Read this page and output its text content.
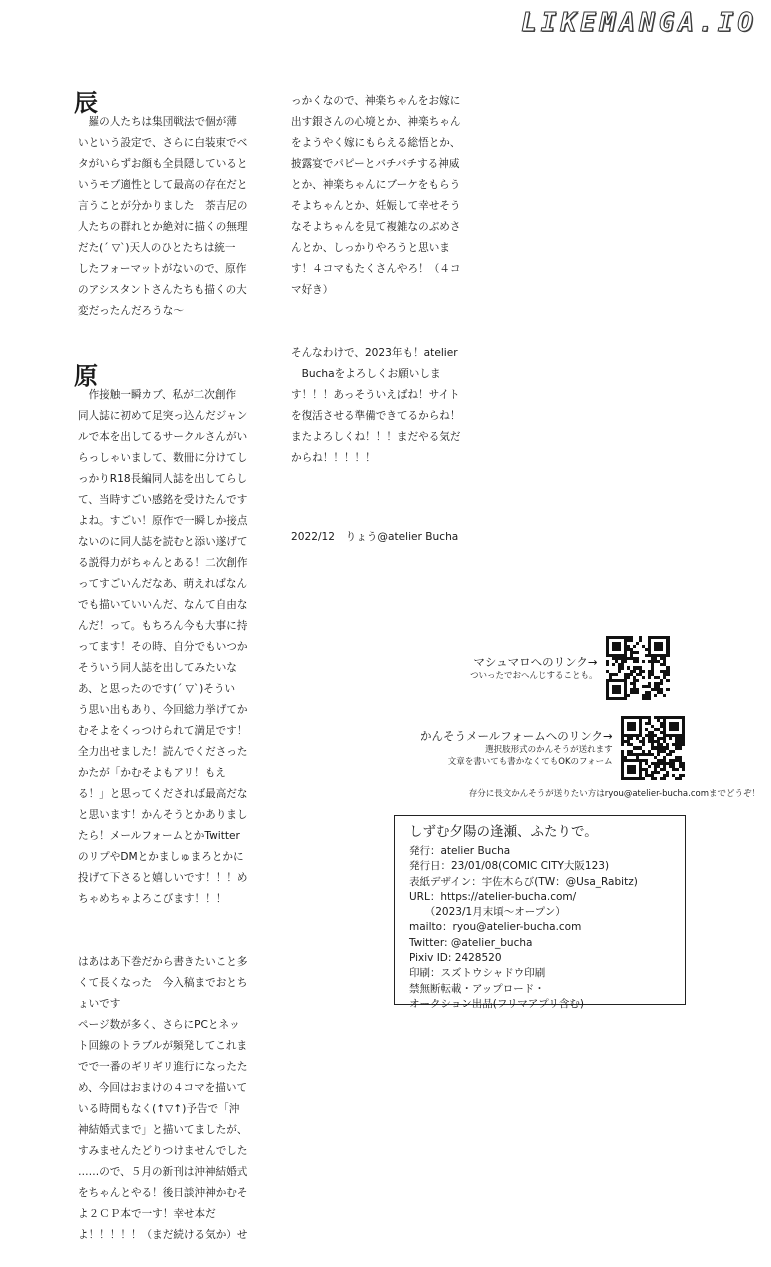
LIKEMANGA.IO

辰
　羅の人たちは集団戦法で個が薄
いという設定で、さらに白装束でベ
タがいらずお顔も全員隠していると
いうモブ適性として最高の存在だと
言うことが分かりました　荼吉尼の
人たちの群れとか絶対に描くの無理
だた(´ ▽`)天人のひとたちは統一
したフォーマットがないので、原作
のアシスタントさんたちも描くの大
変だったんだろうな〜

原
　作接触一瞬カブ、私が二次創作
同人誌に初めて足突っ込んだジャン
ルで本を出してるサークルさんがい
らっしゃいまして、数冊に分けてし
っかりR18長編同人誌を出してらし
て、当時すごい感銘を受けたんです
よね。すごい！原作で一瞬しか接点
ないのに同人誌を読むと添い遂げて
る説得力がちゃんとある！二次創作
ってすごいんだなあ、萌えればなん
でも描いていいんだ、なんて自由な
んだ！って。もちろん今も大事に持
ってます！その時、自分でもいつか
そういう同人誌を出してみたいな
あ、と思ったのです(´ ▽`)そうい
う思い出もあり、今回総力挙げてか
むそよをくっつけられて満足です！
全力出せました！読んでくださった
かたが「かむそよもアリ！もえ
る！」と思ってくだされば最高だな
と思います！かんそうとかありまし
たら！メールフォームとかTwitter
のリプやDMとかましゅまろとかに
投げて下さると嬉しいです！！！め
ちゃめちゃよろこびます！！！

はあはあ下巻だから書きたいこと多
くて長くなった　今入稿までおとち
ょいです
ページ数が多く、さらにPCとネッ
ト回線のトラブルが頻発してこれま
でで一番のギリギリ進行になったた
め、今回はおまけの４コマを描いて
いる時間もなく(↑▽↑)予告で「沖
神結婚式まで」と描いてましたが、
すみませんたどりつけませんでした
……ので、５月の新刊は沖神結婚式
をちゃんとやる！後日談沖神かむそ
よ２ＣＰ本で一す！幸せ本だ
よ！！！！！（まだ続ける気か）せ

っかくなので、神楽ちゃんをお嫁に
出す銀さんの心境とか、神楽ちゃん
をようやく嫁にもらえる総悟とか、
披露宴でパピーとバチバチする神威
とか、神楽ちゃんにブーケをもらう
そよちゃんとか、妊娠して幸せそう
なそよちゃんを見て複雑なのぶめさ
んとか、しっかりやろうと思いま
す！４コマもたくさんやろ！（４コ
マ好き）

そんなわけで、2023年も！atelier
　Buchaをよろしくお願いしま
す！！！あっそういえばね！サイト
を復活させる準備できてるからね！
またよろしくね！！！まだやる気だ
からね！！！！！

2022/12　りょう@atelier Bucha

マシュマロへのリンク→
ついったでおへんじすることも。
かんそうメールフォームへのリンク→
選択肢形式のかんそうが送れます
文章を書いても書かなくてもOKのフォーム
存分に長文かんそうが送りたい方はryou@atelier-bucha.comまでどうぞ！
しずむ夕陽の逢瀬、ふたりで。
発行：atelier Bucha
発行日：23/01/08(COMIC CITY大阪123)
表紙デザイン：宇佐木らび(TW：@Usa_Rabitz)
URL：https://atelier-bucha.com/
　　（2023/1月末頃〜オープン）
mailto：ryou@atelier-bucha.com
Twitter: @atelier_bucha
Pixiv ID: 2428520
印刷：スズトウシャドウ印刷
禁無断転載・アップロード・
オークション出品(フリマアプリ含む)
